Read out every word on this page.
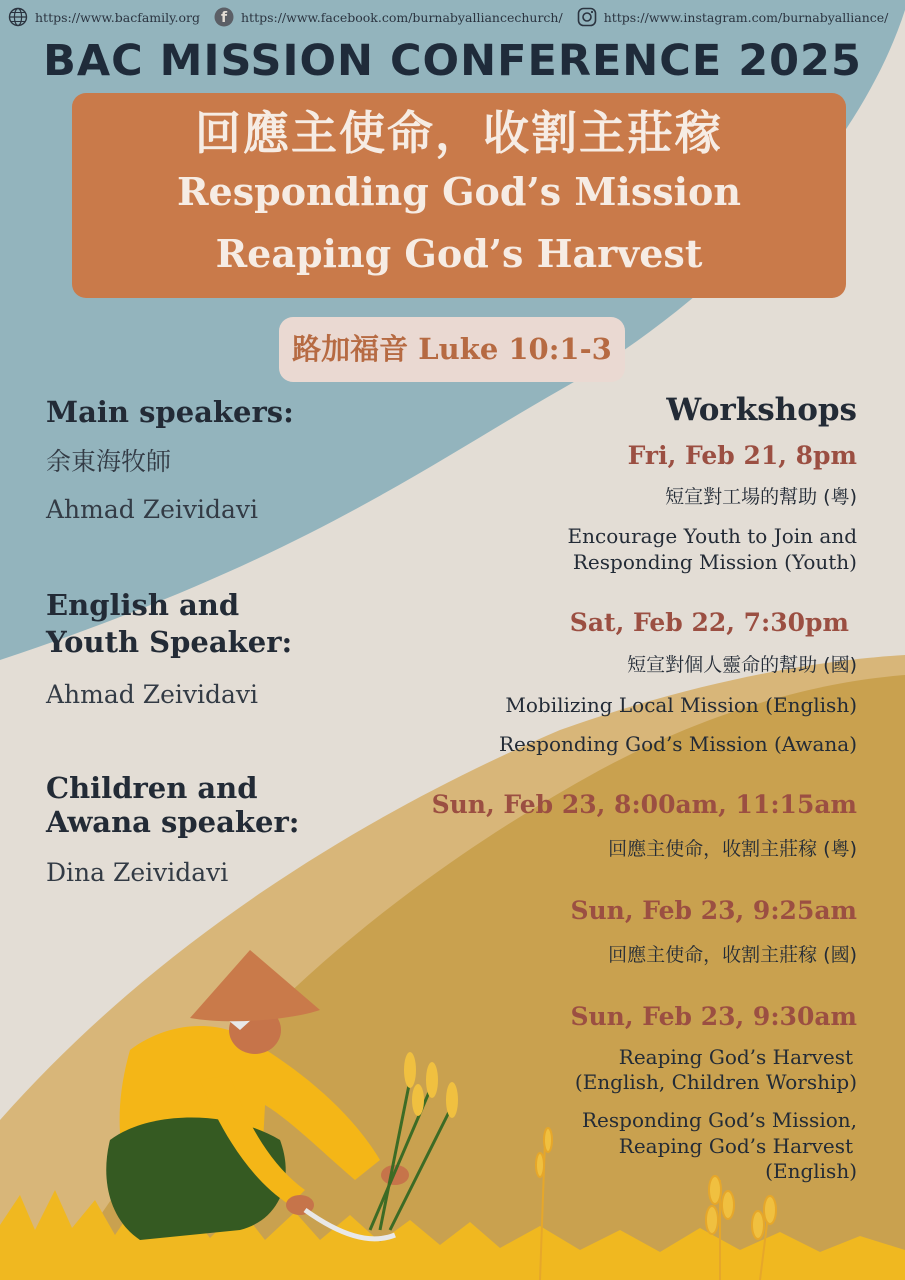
https://www.bacfamily.org f https://www.facebook.com/burnabyalliancechurch/	https://www.instagram.com/burnabyalliance/
BAC MISSION CONFERENCE 2025
回應主使命，收割主莊稼
Responding God’s Mission
Reaping God’s Harvest
路加福音 Luke 10:1-3
Main speakers:
余東海牧師
Ahmad Zeividavi
English and
Youth Speaker:
Ahmad Zeividavi
Children and
Awana speaker:
Dina Zeividavi
Workshops
Fri, Feb 21, 8pm
短宣對工場的幫助 (粵)
Encourage Youth to Join and
Responding Mission (Youth)
Sat, Feb 22, 7:30pm
短宣對個人靈命的幫助 (國)
Mobilizing Local Mission (English)
Responding God’s Mission (Awana)
Sun, Feb 23, 8:00am, 11:15am
回應主使命，收割主莊稼 (粵)
Sun, Feb 23, 9:25am
回應主使命，收割主莊稼 (國)
Sun, Feb 23, 9:30am
Reaping God’s Harvest
(English, Children Worship)
Responding God’s Mission,
Reaping God’s Harvest
(English)
